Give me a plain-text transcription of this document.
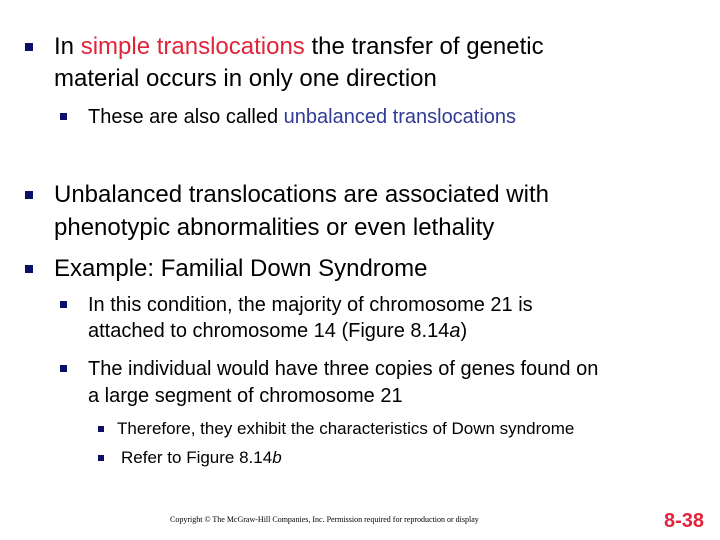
In simple translocations the transfer of genetic
material occurs in only one direction
These are also called unbalanced translocations
Unbalanced translocations are associated with
phenotypic abnormalities or even lethality
Example: Familial Down Syndrome
In this condition, the majority of chromosome 21 is
attached to chromosome 14 (Figure 8.14a)
The individual would have three copies of genes found on
a large segment of chromosome 21
Therefore, they exhibit the characteristics of Down syndrome
Refer to Figure 8.14b
Copyright © The McGraw-Hill Companies, Inc. Permission required for reproduction or display	8-38
